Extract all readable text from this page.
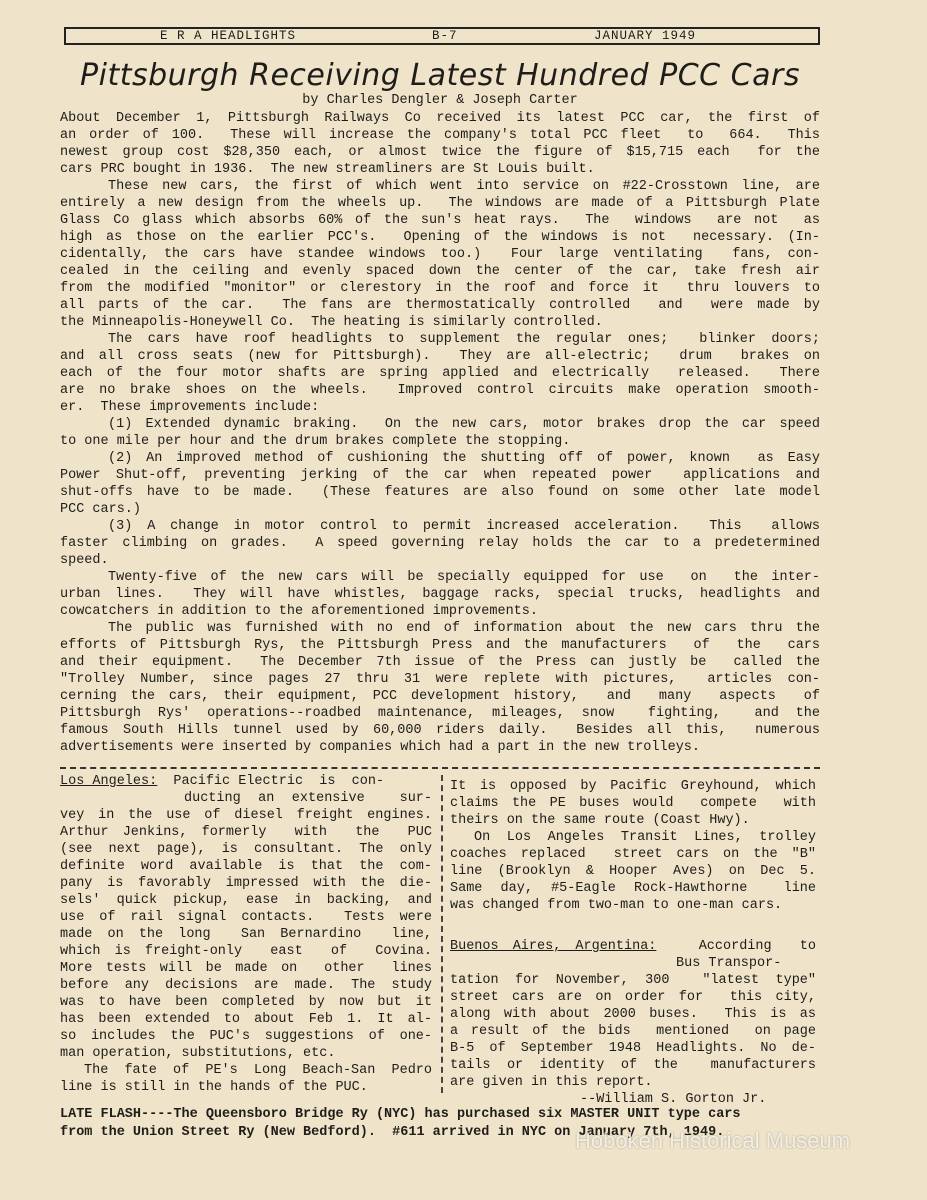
E R A HEADLIGHTS	B-7	JANUARY 1949
Pittsburgh Receiving Latest Hundred PCC Cars
by Charles Dengler & Joseph Carter
About December 1, Pittsburgh Railways Co received its latest PCC car, the first of
an order of 100.  These will increase the company's total PCC fleet  to  664.  This
newest group cost $28,350 each, or almost twice the figure of $15,715 each  for the
cars PRC bought in 1936.  The new streamliners are St Louis built.
These new cars, the first of which went into service on #22-Crosstown line, are
entirely a new design from the wheels up.  The windows are made of a Pittsburgh Plate
Glass Co glass which absorbs 60% of the sun's heat rays.  The  windows  are not  as
high as those on the earlier PCC's.  Opening of the windows is not  necessary. (In-
cidentally, the cars have standee windows too.)  Four large ventilating  fans, con-
cealed in the ceiling and evenly spaced down the center of the car, take fresh air
from the modified "monitor" or clerestory in the roof and force it  thru louvers to
all parts of the car.  The fans are thermostatically controlled  and  were made by
the Minneapolis-Honeywell Co.  The heating is similarly controlled.
The cars have roof headlights to supplement the regular ones;  blinker doors;
and all cross seats (new for Pittsburgh).  They are all-electric;  drum  brakes on
each of the four motor shafts are spring applied and electrically  released.  There
are no brake shoes on the wheels.  Improved control circuits make operation smooth-
er.  These improvements include:
(1) Extended dynamic braking.  On the new cars, motor brakes drop the car speed
to one mile per hour and the drum brakes complete the stopping.
(2) An improved method of cushioning the shutting off of power, known  as Easy
Power Shut-off, preventing jerking of the car when repeated power  applications and
shut-offs have to be made.  (These features are also found on some other late model
PCC cars.)
(3) A change in motor control to permit increased acceleration.  This  allows
faster climbing on grades.  A speed governing relay holds the car to a predetermined
speed.
Twenty-five of the new cars will be specially equipped for use  on  the inter-
urban lines.  They will have whistles, baggage racks, special trucks, headlights and
cowcatchers in addition to the aforementioned improvements.
The public was furnished with no end of information about the new cars thru the
efforts of Pittsburgh Rys, the Pittsburgh Press and the manufacturers  of  the  cars
and their equipment.  The December 7th issue of the Press can justly be  called the
"Trolley Number, since pages 27 thru 31 were replete with pictures,  articles con-
cerning the cars, their equipment, PCC development history,  and  many  aspects  of
Pittsburgh Rys' operations--roadbed maintenance, mileages, snow  fighting,  and the
famous South Hills tunnel used by 60,000 riders daily.  Besides all this,  numerous
advertisements were inserted by companies which had a part in the new trolleys.
Los Angeles:  Pacific Electric  is  con-
ducting an extensive  sur-
vey in the use of diesel freight engines.
Arthur Jenkins, formerly  with  the  PUC
(see next page), is consultant. The only
definite word available is that the com-
pany is favorably impressed with the die-
sels' quick pickup, ease in backing, and
use of rail signal contacts.  Tests were
made on the long  San Bernardino  line,
which is freight-only  east  of  Covina.
More tests will be made on  other  lines
before any decisions are made. The study
was to have been completed by now but it
has been extended to about Feb 1. It al-
so includes the PUC's suggestions of one-
man operation, substitutions, etc.
The fate of PE's Long Beach-San Pedro
line is still in the hands of the PUC.
It is opposed by Pacific Greyhound, which
claims the PE buses would  compete  with
theirs on the same route (Coast Hwy).
On Los Angeles Transit Lines, trolley
coaches replaced  street cars on the "B"
line (Brooklyn & Hooper Aves) on Dec 5.
Same day, #5-Eagle Rock-Hawthorne  line
was changed from two-man to one-man cars.
Buenos Aires, Argentina:   According  to
Bus Transpor-
tation for November, 300  "latest type"
street cars are on order for  this city,
along with about 2000 buses.  This is as
a result of the bids  mentioned  on page
B-5 of September 1948 Headlights. No de-
tails or identity of the  manufacturers
are given in this report.
--William S. Gorton Jr.
LATE FLASH----The Queensboro Bridge Ry (NYC) has purchased six MASTER UNIT type cars
from the Union Street Ry (New Bedford).  #611 arrived in NYC on January 7th, 1949.
Hoboken Historical Museum
